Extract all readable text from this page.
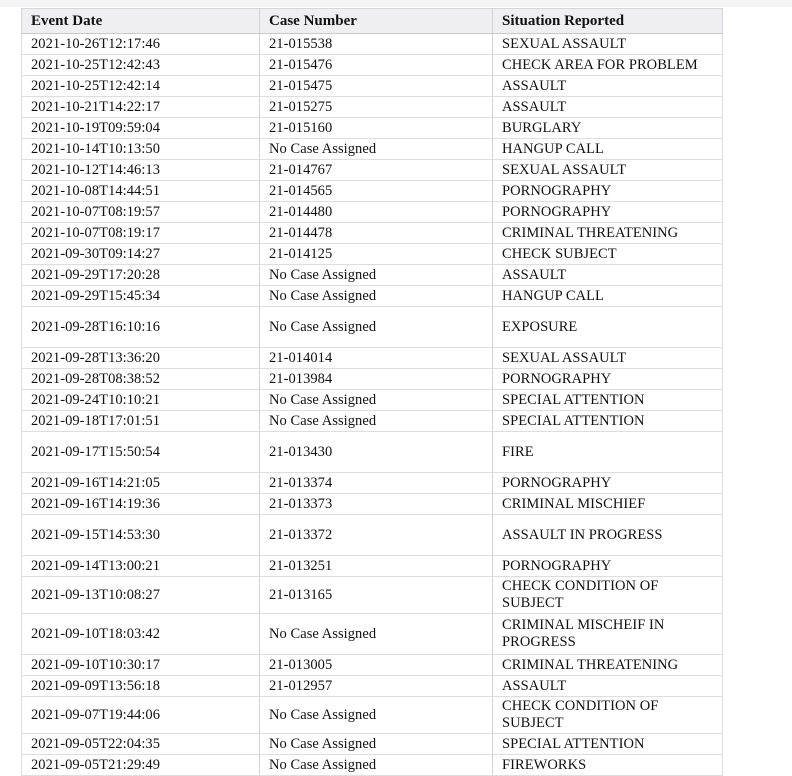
Event Date	Case Number	Situation Reported
2021-10-26T12:17:46	21-015538	SEXUAL ASSAULT
2021-10-25T12:42:43	21-015476	CHECK AREA FOR PROBLEM
2021-10-25T12:42:14	21-015475	ASSAULT
2021-10-21T14:22:17	21-015275	ASSAULT
2021-10-19T09:59:04	21-015160	BURGLARY
2021-10-14T10:13:50	No Case Assigned	HANGUP CALL
2021-10-12T14:46:13	21-014767	SEXUAL ASSAULT
2021-10-08T14:44:51	21-014565	PORNOGRAPHY
2021-10-07T08:19:57	21-014480	PORNOGRAPHY
2021-10-07T08:19:17	21-014478	CRIMINAL THREATENING
2021-09-30T09:14:27	21-014125	CHECK SUBJECT
2021-09-29T17:20:28	No Case Assigned	ASSAULT
2021-09-29T15:45:34	No Case Assigned	HANGUP CALL
2021-09-28T16:10:16	No Case Assigned	EXPOSURE
2021-09-28T13:36:20	21-014014	SEXUAL ASSAULT
2021-09-28T08:38:52	21-013984	PORNOGRAPHY
2021-09-24T10:10:21	No Case Assigned	SPECIAL ATTENTION
2021-09-18T17:01:51	No Case Assigned	SPECIAL ATTENTION
2021-09-17T15:50:54	21-013430	FIRE
2021-09-16T14:21:05	21-013374	PORNOGRAPHY
2021-09-16T14:19:36	21-013373	CRIMINAL MISCHIEF
2021-09-15T14:53:30	21-013372	ASSAULT IN PROGRESS
2021-09-14T13:00:21	21-013251	PORNOGRAPHY
2021-09-13T10:08:27	21-013165	CHECK CONDITION OF SUBJECT
2021-09-10T18:03:42	No Case Assigned	CRIMINAL MISCHEIF IN PROGRESS
2021-09-10T10:30:17	21-013005	CRIMINAL THREATENING
2021-09-09T13:56:18	21-012957	ASSAULT
2021-09-07T19:44:06	No Case Assigned	CHECK CONDITION OF SUBJECT
2021-09-05T22:04:35	No Case Assigned	SPECIAL ATTENTION
2021-09-05T21:29:49	No Case Assigned	FIREWORKS
